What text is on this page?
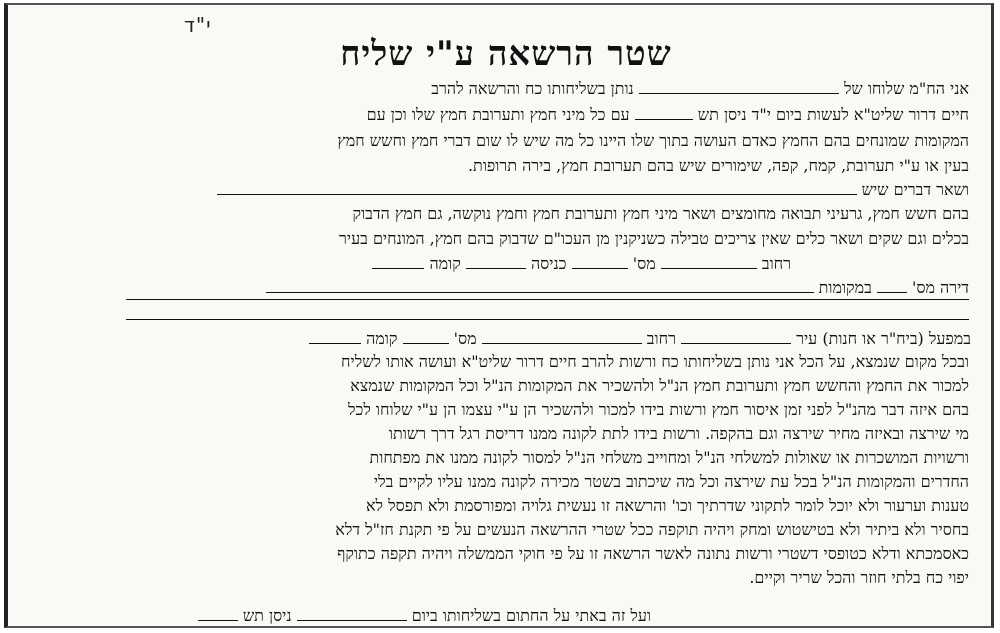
י"ד
שטר הרשאה ע"י שליח
אני הח"מ שלוחו של  נותן בשליחותו כח והרשאה להרב
חיים דרור שליט"א לעשות ביום י"ד ניסן תש  עם כל מיני חמץ ותערובת חמץ שלו וכן עם
המקומות שמונחים בהם החמץ כאדם העושה בתוך שלו היינו כל מה שיש לו שום דברי חמץ וחשש חמץ
בעין או ע"י תערובת, קמח, קפה, שימורים שיש בהם תערובת חמץ, בירה תרופות.
ושאר דברים שיש
בהם חשש חמץ, גרעיני תבואה מחומצים ושאר מיני חמץ ותערובת חמץ וחמץ נוקשה, גם חמץ הדבוק
בכלים וגם שקים ושאר כלים שאין צריכים טבילה כשניקנין מן העכו"ם שדבוק בהם חמץ, המונחים בעיר
רחוב  מס'  כניסה  קומה
דירה מס'  במקומות
במפעל (ביח"ר או חנות) עיר  רחוב  מס'  קומה
ובכל מקום שנמצא, על הכל אני נותן בשליחותו כח ורשות להרב חיים דרור שליט"א ועושה אותו לשליח
למכור את החמץ והחשש חמץ ותערובת חמץ הנ"ל ולהשכיר את המקומות הנ"ל וכל המקומות שנמצא
בהם איזה דבר מהנ"ל לפני זמן איסור חמץ ורשות בידו למכור ולהשכיר הן ע"י עצמו הן ע"י שלוחו לכל
מי שירצה ובאיזה מחיר שירצה וגם בהקפה. ורשות בידו לתת לקונה ממנו דריסת רגל דרך רשותו
ורשויות המושכרות או שאולות למשלחי הנ"ל ומחוייב משלחי הנ"ל למסור לקונה ממנו את מפתחות
החדרים והמקומות הנ"ל בכל עת שירצה וכל מה שיכתוב בשטר מכירה לקונה ממנו עליו לקיים בלי
טענות וערעור ולא יוכל לומר לתקוני שדרתיך וכו' והרשאה זו נעשית גלויה ומפורסמת ולא תפסל לא
בחסיר ולא ביתיר ולא בטישטוש ומחק ויהיה תוקפה ככל שטרי ההרשאה הנעשים על פי תקנת חז"ל דלא
כאסמכתא ודלא כטופסי דשטרי ורשות נתונה לאשר הרשאה זו על פי חוקי הממשלה ויהיה תקפה כתוקף
יפוי כח בלתי חוזר והכל שריר וקיים.
ועל זה באתי על החתום בשליחותו ביום  ניסן תש
